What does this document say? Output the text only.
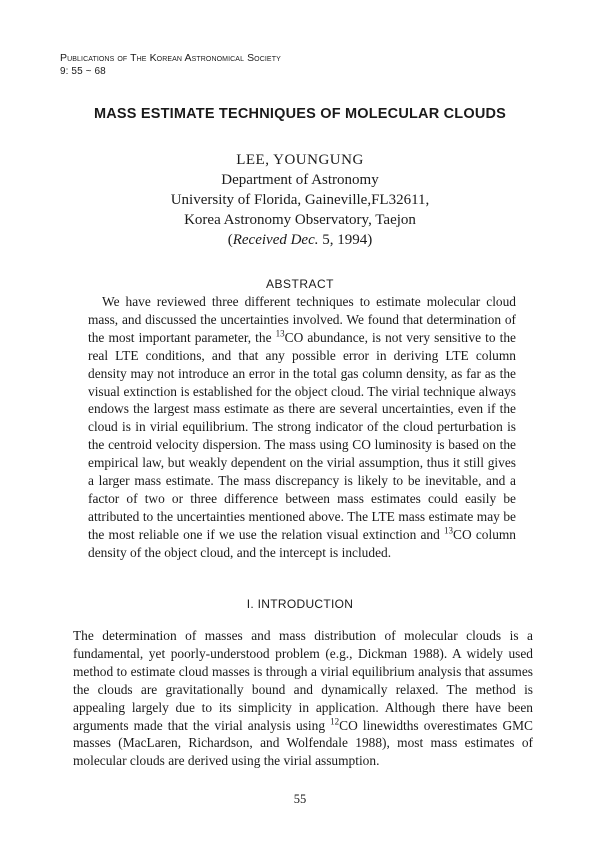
Publications of The Korean Astronomical Society
9: 55 ~ 68
MASS ESTIMATE TECHNIQUES OF MOLECULAR CLOUDS
LEE, YOUNGUNG
Department of Astronomy
University of Florida, Gaineville,FL32611,
Korea Astronomy Observatory, Taejon
(Received Dec. 5, 1994)
ABSTRACT

We have reviewed three different techniques to estimate molecular cloud mass, and discussed the uncertainties involved. We found that determination of the most important parameter, the $^{13}$CO abundance, is not very sensitive to the real LTE conditions, and that any possible error in deriving LTE column density may not introduce an error in the total gas column density, as far as the visual extinction is established for the object cloud. The virial technique always endows the largest mass estimate as there are several uncertainties, even if the cloud is in virial equilibrium. The strong indicator of the cloud perturbation is the centroid velocity dispersion. The mass using CO luminosity is based on the empirical law, but weakly dependent on the virial assumption, thus it still gives a larger mass estimate. The mass discrepancy is likely to be inevitable, and a factor of two or three difference between mass estimates could easily be attributed to the uncertainties mentioned above. The LTE mass estimate may be the most reliable one if we use the relation visual extinction and $^{13}$CO column density of the object cloud, and the intercept is included.

I. INTRODUCTION

The determination of masses and mass distribution of molecular clouds is a fundamental, yet poorly-understood problem (e.g., Dickman 1988). A widely used method to estimate cloud masses is through a virial equilibrium analysis that assumes the clouds are gravitationally bound and dynamically relaxed. The method is appealing largely due to its simplicity in application. Although there have been arguments made that the virial analysis using $^{12}$CO linewidths overestimates GMC masses (MacLaren, Richardson, and Wolfendale 1988), most mass estimates of molecular clouds are derived using the virial assumption.

55
